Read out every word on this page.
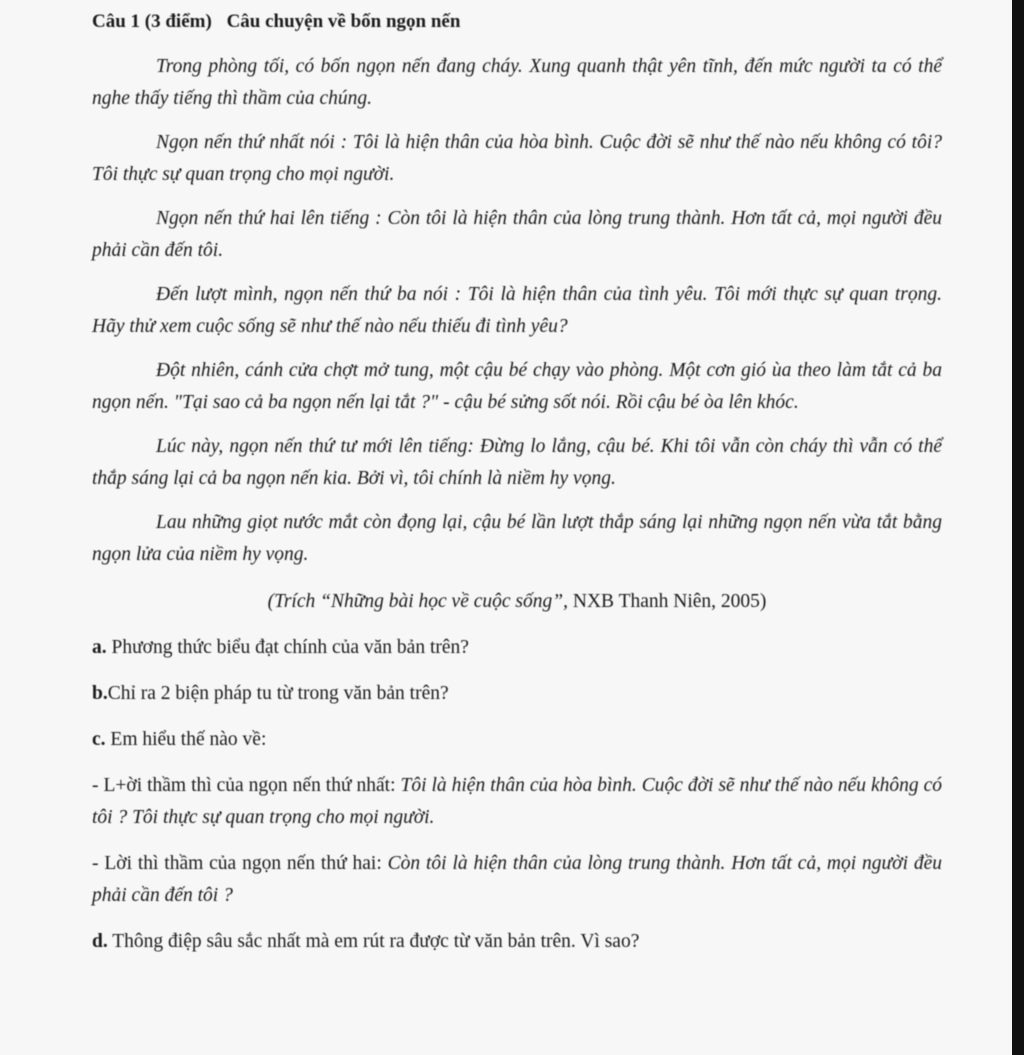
Câu 1 (3 điểm) Câu chuyện về bốn ngọn nến

Trong phòng tối, có bốn ngọn nến đang cháy. Xung quanh thật yên tĩnh, đến mức người ta có thể nghe thấy tiếng thì thầm của chúng.

Ngọn nến thứ nhất nói : Tôi là hiện thân của hòa bình. Cuộc đời sẽ như thế nào nếu không có tôi? Tôi thực sự quan trọng cho mọi người.

Ngọn nến thứ hai lên tiếng : Còn tôi là hiện thân của lòng trung thành. Hơn tất cả, mọi người đều phải cần đến tôi.

Đến lượt mình, ngọn nến thứ ba nói : Tôi là hiện thân của tình yêu. Tôi mới thực sự quan trọng. Hãy thử xem cuộc sống sẽ như thế nào nếu thiếu đi tình yêu?

Đột nhiên, cánh cửa chợt mở tung, một cậu bé chạy vào phòng. Một cơn gió ùa theo làm tắt cả ba ngọn nến. "Tại sao cả ba ngọn nến lại tắt ?" - cậu bé sửng sốt nói. Rồi cậu bé òa lên khóc.

Lúc này, ngọn nến thứ tư mới lên tiếng: Đừng lo lắng, cậu bé. Khi tôi vẫn còn cháy thì vẫn có thể thắp sáng lại cả ba ngọn nến kia. Bởi vì, tôi chính là niềm hy vọng.

Lau những giọt nước mắt còn đọng lại, cậu bé lần lượt thắp sáng lại những ngọn nến vừa tắt bằng ngọn lửa của niềm hy vọng.

(Trích “Những bài học về cuộc sống”, NXB Thanh Niên, 2005)
a. Phương thức biểu đạt chính của văn bản trên?
b.Chỉ ra 2 biện pháp tu từ trong văn bản trên?
c. Em hiểu thế nào về:
- L+ời thầm thì của ngọn nến thứ nhất: Tôi là hiện thân của hòa bình. Cuộc đời sẽ như thế nào nếu không có tôi ? Tôi thực sự quan trọng cho mọi người.
- Lời thì thầm của ngọn nến thứ hai: Còn tôi là hiện thân của lòng trung thành. Hơn tất cả, mọi người đều phải cần đến tôi ?
d. Thông điệp sâu sắc nhất mà em rút ra được từ văn bản trên. Vì sao?
